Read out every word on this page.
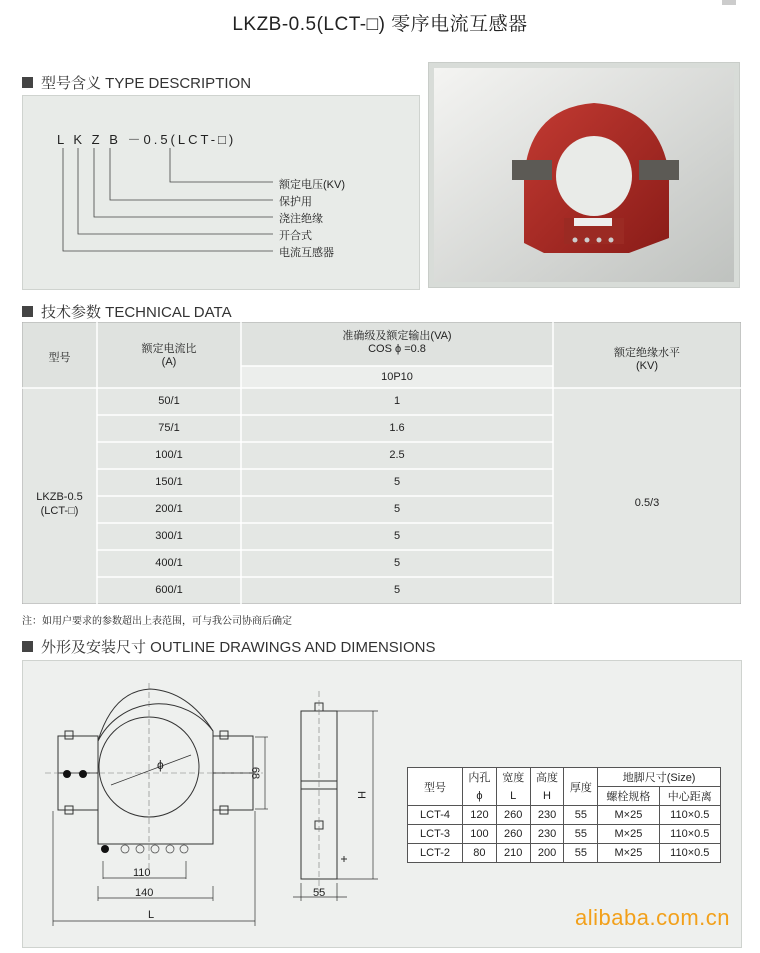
LKZB-0.5(LCT-□) 零序电流互感器
型号含义 TYPE DESCRIPTION
L K Z B －0.5(LCT-□)
额定电压(KV)
保护用
浇注绝缘
开合式
电流互感器
技术参数 TECHNICAL DATA
型号
额定电流比
(A)
准确级及额定输出(VA)
COS ϕ =0.8
10P10
额定绝缘水平
(KV)
LKZB-0.5
(LCT-□)
0.5/3
50/1	1
75/1	1.6
100/1	2.5
150/1	5
200/1	5
300/1	5
400/1	5
600/1	5
注：如用户要求的参数超出上表范围，可与我公司协商后确定
外形及安装尺寸 OUTLINE DRAWINGS AND DIMENSIONS
ϕ
68
110
140
L
H
55
型号	内孔	宽度	高度	厚度	地脚尺寸(Size)	
	ϕ	L	H		螺栓规格	中心距离
LCT-4	120	260	230	55	M×25	110×0.5
LCT-3	100	260	230	55	M×25	110×0.5
LCT-2	80	210	200	55	M×25	110×0.5
alibaba.com.cn
